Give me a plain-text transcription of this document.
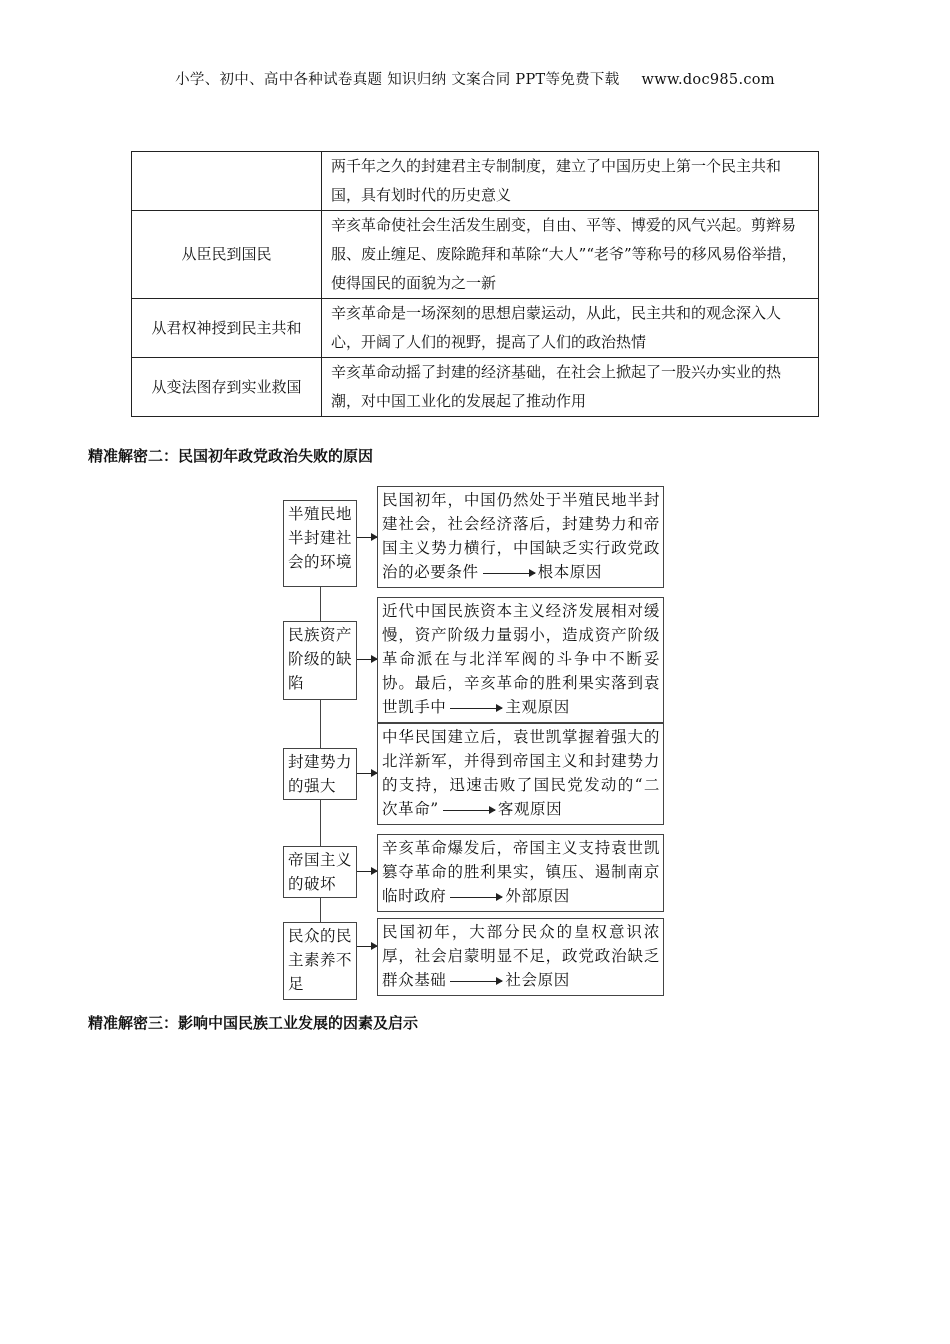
小学、初中、高中各种试卷真题 知识归纳 文案合同 PPT等免费下载 www.doc985.com
	两千年之久的封建君主专制制度，建立了中国历史上第一个民主共和国，具有划时代的历史意义
从臣民到国民	辛亥革命使社会生活发生剧变，自由、平等、博爱的风气兴起。剪辫易服、废止缠足、废除跪拜和革除“大人”“老爷”等称号的移风易俗举措，使得国民的面貌为之一新
从君权神授到民主共和	辛亥革命是一场深刻的思想启蒙运动，从此，民主共和的观念深入人心，开阔了人们的视野，提高了人们的政治热情
从变法图存到实业救国	辛亥革命动摇了封建的经济基础，在社会上掀起了一股兴办实业的热潮，对中国工业化的发展起了推动作用
精准解密二：民国初年政党政治失败的原因
半殖民地半封建社会的环境
民国初年，中国仍然处于半殖民地半封建社会，社会经济落后，封建势力和帝国主义势力横行，中国缺乏实行政党政治的必要条件	根本原因
民族资产阶级的缺陷
近代中国民族资本主义经济发展相对缓慢，资产阶级力量弱小，造成资产阶级革命派在与北洋军阀的斗争中不断妥协。最后，辛亥革命的胜利果实落到袁世凯手中	主观原因
封建势力的强大
中华民国建立后，袁世凯掌握着强大的北洋新军，并得到帝国主义和封建势力的支持，迅速击败了国民党发动的“二次革命”	客观原因
帝国主义的破坏
辛亥革命爆发后，帝国主义支持袁世凯篡夺革命的胜利果实，镇压、遏制南京临时政府	外部原因
民众的民主素养不足
民国初年，大部分民众的皇权意识浓厚，社会启蒙明显不足，政党政治缺乏群众基础	社会原因
精准解密三：影响中国民族工业发展的因素及启示
